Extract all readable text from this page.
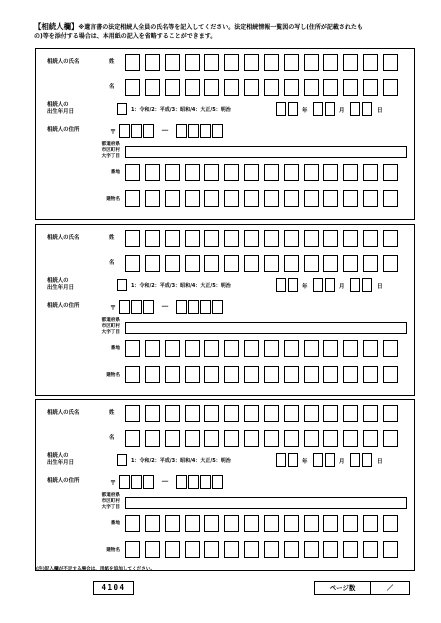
【相続人欄】※遺言書の法定相続人全員の氏名等を記入してください。法定相続情報一覧図の写し(住所が記載されたも
の)等を添付する場合は、本用紙の記入を省略することができます。
相続人の氏名	姓
名
相続人の
出生年月日	1：令和/2：平成/3：昭和/4：大正/5：明治	年	月	日
相続人の住所	〒	－
都道府県
市区町村
大字丁目
番地
建物名
相続人の氏名	姓
名
相続人の
出生年月日	1：令和/2：平成/3：昭和/4：大正/5：明治	年	月	日
相続人の住所	〒	－
都道府県
市区町村
大字丁目
番地
建物名
相続人の氏名	姓
名
相続人の
出生年月日	1：令和/2：平成/3：昭和/4：大正/5：明治	年	月	日
相続人の住所	〒	－
都道府県
市区町村
大字丁目
番地
建物名
(注)記入欄が不足する場合は、用紙を追加してください。
4104	ページ数	／
